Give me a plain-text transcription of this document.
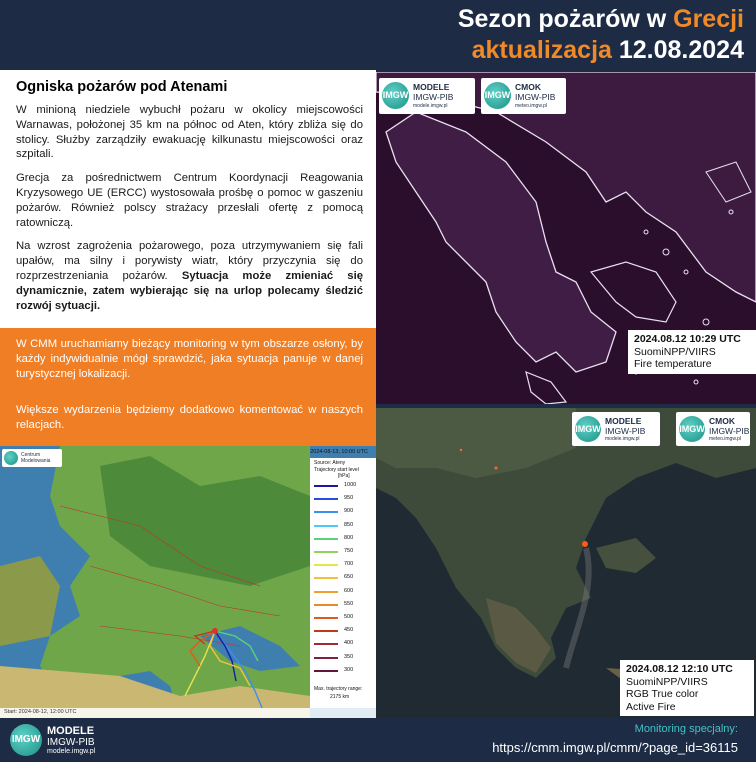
Sezon pożarów w Grecji
aktualizacja 12.08.2024
Ogniska pożarów pod Atenami

W minioną niedziele wybuchł pożaru w okolicy miejscowości Warnawas, położonej 35 km na północ od Aten, który zbliża się do stolicy. Służby zarządziły ewakuację kilkunastu miejscowości oraz szpitali.

Grecja za pośrednictwem Centrum Koordynacji Reagowania Kryzysowego UE (ERCC) wystosowała prośbę o pomoc w gaszeniu pożarów. Również polscy strażacy przesłali ofertę z pomocą ratowniczą.

Na wzrost zagrożenia pożarowego, poza utrzymywaniem się fali upałów, ma silny i porywisty wiatr, który przyczynia się do rozprzestrzeniania pożarów. Sytuacja może zmieniać się dynamicznie, zatem wybierając się na urlop polecamy śledzić rozwój sytuacji.

W CMM uruchamiamy bieżący monitoring w tym obszarze osłony, by każdy indywidualnie mógł sprawdzić, jaka sytuacja panuje w danej turystycznej lokalizacji.
Większe wydarzenia będziemy dodatkowo komentować w naszych relacjach.
IMGW
MODELE
IMGW-PIB
modele.imgw.pl
IMGW
CMOK
IMGW-PIB
meteo.imgw.pl
2024.08.12 10:29 UTC
SuomiNPP/VIIRS
Fire temperature
IMGW
MODELE
IMGW-PIB
modele.imgw.pl
IMGW
CMOK
IMGW-PIB
meteo.imgw.pl
2024.08.12 12:10 UTC
SuomiNPP/VIIRS
RGB True color
Active Fire
Centrum Modelowania
2024-08-13, 10:00 UTC
Source: Ateny
Trajectory start level
[hPa]
1000
950
900
850
800
750
700
650
600
550
500
450
400
350
300
Max. trajectory range:
2175 km
Start: 2024-08-12, 12:00 UTC
IMGW
MODELE
IMGW-PIB
modele.imgw.pl
Monitoring specjalny:
https://cmm.imgw.pl/cmm/?page_id=36115
